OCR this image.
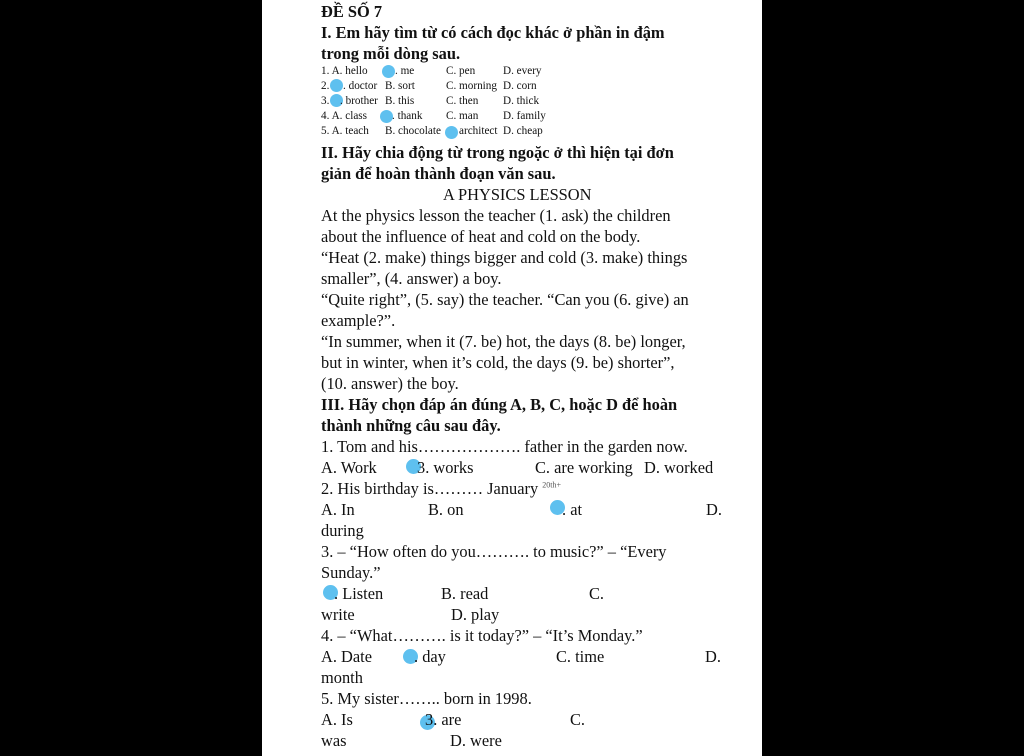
ĐỀ SỐ 7
I. Em hãy tìm từ có cách đọc khác ở phần in đậm
trong mỗi dòng sau.
1. A. hello . me	C. pen D. every
2. . doctor B. sort	C. morning D. corn
3. . brother B. this	C. then D. thick
4. A. class . thank C. man D. family
5. A. teach B. chocolate architect D. cheap
II. Hãy chia động từ trong ngoặc ở thì hiện tại đơn
giản để hoàn thành đoạn văn sau.
A PHYSICS LESSON
At the physics lesson the teacher (1. ask) the children
about the influence of heat and cold on the body.
“Heat (2. make) things bigger and cold (3. make) things
smaller”, (4. answer) a boy.
“Quite right”, (5. say) the teacher. “Can you (6. give) an
example?”.
“In summer, when it (7. be) hot, the days (8. be) longer,
but in winter, when it’s cold, the days (9. be) shorter”,
(10. answer) the boy.
III. Hãy chọn đáp án đúng A, B, C, hoặc D để hoàn
thành những câu sau đây.
1. Tom and his………………. father in the garden now.
A. Work 3. works	C. are working D. worked
2. His birthday is……… January $^{20th+}$
A. In	B. on	. at	D.
during
3. – “How often do you………. to music?” – “Every
Sunday.”
. Listen	B. read	C.
write	D. play
4. – “What………. is it today?” – “It’s Monday.”
A. Date	. day	C. time	D.
month
5. My sister…….. born in 1998.
A. Is	3. are	C.
was	D. were
